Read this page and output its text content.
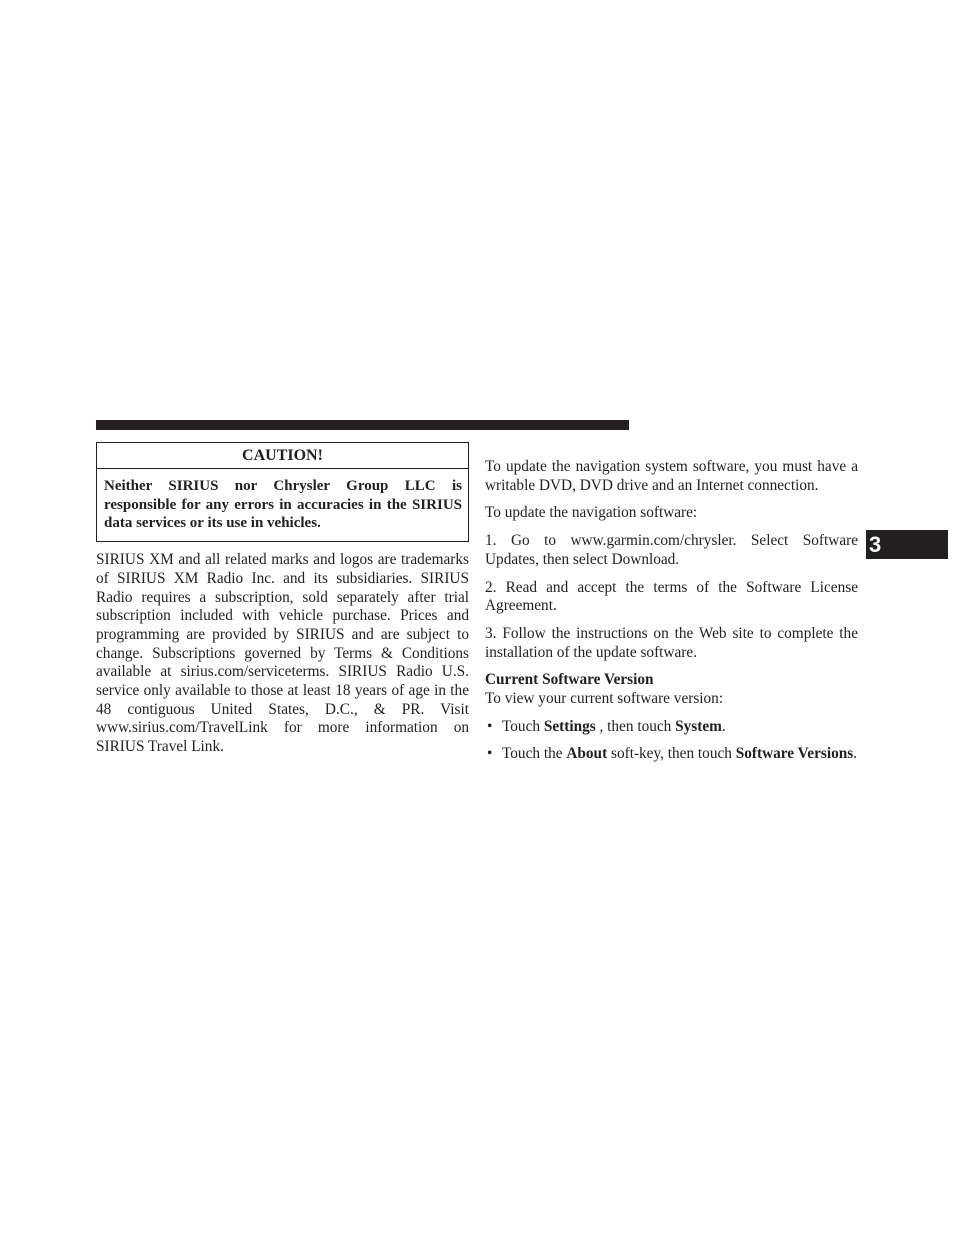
3
CAUTION!
Neither SIRIUS nor Chrysler Group LLC is responsible for any errors in accuracies in the SIRIUS data services or its use in vehicles.

SIRIUS XM and all related marks and logos are trademarks of SIRIUS XM Radio Inc. and its subsidiaries. SIRIUS Radio requires a subscription, sold separately after trial subscription included with vehicle purchase. Prices and programming are provided by SIRIUS and are subject to change. Subscriptions governed by Terms & Conditions available at sirius.com/serviceterms. SIRIUS Radio U.S. service only available to those at least 18 years of age in the 48 contiguous United States, D.C., & PR. Visit www.sirius.com/TravelLink for more information on SIRIUS Travel Link.

To update the navigation system software, you must have a writable DVD, DVD drive and an Internet connection.

To update the navigation software:

1. Go to www.garmin.com/chrysler. Select Software Updates, then select Download.

2. Read and accept the terms of the Software License Agreement.

3. Follow the instructions on the Web site to complete the installation of the update software.

Current Software Version

To view your current software version:

• Touch Settings , then touch System.
• Touch the About soft-key, then touch Software Versions.
